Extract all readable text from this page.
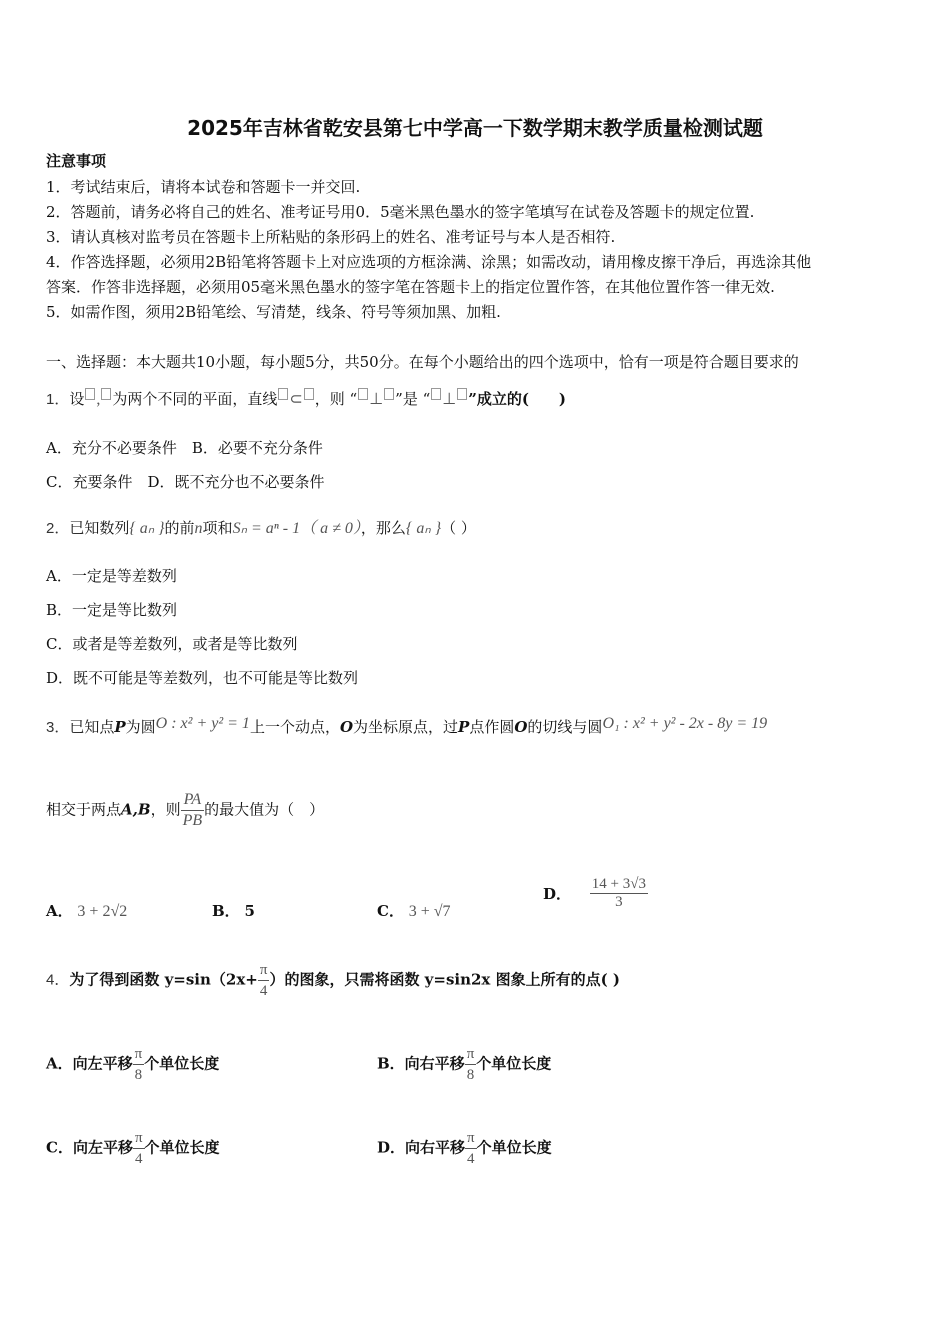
2025年吉林省乾安县第七中学高一下数学期末教学质量检测试题
注意事项
1．考试结束后，请将本试卷和答题卡一并交回.
2．答题前，请务必将自己的姓名、准考证号用0．5毫米黑色墨水的签字笔填写在试卷及答题卡的规定位置.
3．请认真核对监考员在答题卡上所粘贴的条形码上的姓名、准考证号与本人是否相符.
4．作答选择题，必须用2B铅笔将答题卡上对应选项的方框涂满、涂黑；如需改动，请用橡皮擦干净后，再选涂其他
答案．作答非选择题，必须用05毫米黑色墨水的签字笔在答题卡上的指定位置作答，在其他位置作答一律无效.
5．如需作图，须用2B铅笔绘、写清楚，线条、符号等须加黑、加粗.
一、选择题：本大题共10小题，每小题5分，共50分。在每个小题给出的四个选项中，恰有一项是符合题目要求的
1．设 , 为两个不同的平面，直线 ⊂ ，则 “ ⊥ ”是 “ ⊥ ”成立的(　　)
A．充分不必要条件　B．必要不充分条件
C．充要条件　D．既不充分也不必要条件
2．已知数列{ aₙ }的前n项和Sₙ = aⁿ - 1（ a ≠ 0），那么{ aₙ }（ ）
A．一定是等差数列
B．一定是等比数列
C．或者是等差数列，或者是等比数列
D．既不可能是等差数列，也不可能是等比数列
3．已知点P为圆O : x² + y² = 1上一个动点，O为坐标原点，过P点作圆O的切线与圆O₁ : x² + y² - 2x - 8y = 19
相交于两点A,B，则 $\frac{PA}{PB}$ 的最大值为（　）
A． 3 + 2√2	B． 5	C． 3 + √7
D． $\frac{14 + 3√3}{3}$
4．为了得到函数 $y=\sin(2x+ \frac{\pi}{4}$ ）的图象，只需将函数 y=sin2x 图象上所有的点( )
A．向左平移 $\frac{\pi}{8}$ 个单位长度	B．向右平移 $\frac{\pi}{8}$ 个单位长度
C．向左平移 $\frac{\pi}{4}$ 个单位长度	D．向右平移 $\frac{\pi}{4}$ 个单位长度
